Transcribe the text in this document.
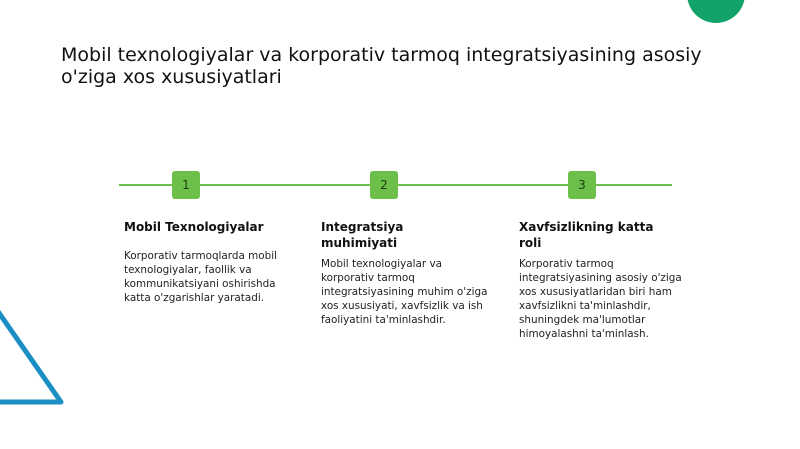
Mobil texnologiyalar va korporativ tarmoq integratsiyasining asosiy o'ziga xos xususiyatlari
1	2	3
Mobil Texnologiyalar

Korporativ tarmoqlarda mobil texnologiyalar, faollik va kommunikatsiyani oshirishda katta o'zgarishlar yaratadi.

Integratsiya muhimiyati

Mobil texnologiyalar va korporativ tarmoq integratsiyasining muhim o'ziga xos xususiyati, xavfsizlik va ish faoliyatini ta'minlashdir.

Xavfsizlikning katta roli

Korporativ tarmoq integratsiyasining asosiy o'ziga xos xususiyatlaridan biri ham xavfsizlikni ta'minlashdir, shuningdek ma'lumotlar himoyalashni ta'minlash.
